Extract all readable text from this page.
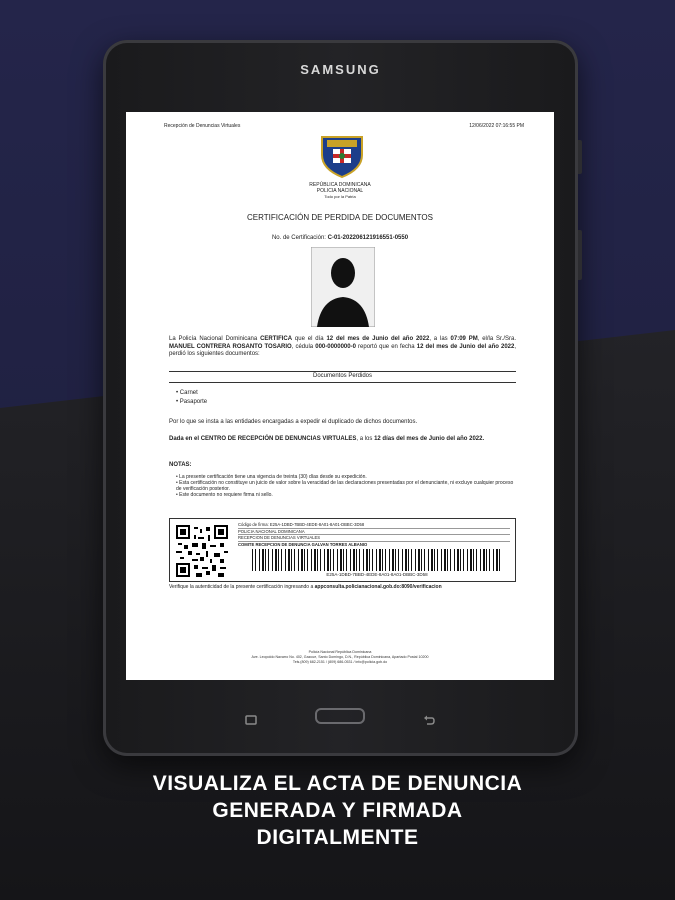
SAMSUNG
Recepción de Denuncias Virtuales	12/06/2022 07:16:55 PM
REPÚBLICA DOMINICANA
POLICIA NACIONAL
Todo por la Patria
CERTIFICACIÓN DE PERDIDA DE DOCUMENTOS
No. de Certificación: C-01-202206121916551-0550
La Policía Nacional Dominicana CERTIFICA que el día 12 del mes de Junio del año 2022, a las 07:09 PM, el/la Sr./Sra. MANUEL CONTRERA ROSANTO TOSARIO, cédula 000-0000000-0 reportó que en fecha 12 del mes de Junio del año 2022, perdió los siguientes documentos:
Documentos Perdidos
• Carnet
• Pasaporte
Por lo que se insta a las entidades encargadas a expedir el duplicado de dichos documentos.
Dada en el CENTRO DE RECEPCIÓN DE DENUNCIAS VIRTUALES, a los 12 días del mes de Junio del año 2022.
NOTAS:
• La presente certificación tiene una vigencia de treinta (30) días desde su expedición.
• Esta certificación no constituye un juicio de valor sobre la veracidad de las declaraciones presentadas por el denunciante, ni excluye cualquier proceso de verificación posterior.
• Este documento no requiere firma ni sello.
Código de firma: E25A-1DBD-7BBD-4EDE-8A01-8A01-DBBC-3D58
POLICIA NACIONAL DOMINICANA
RECEPCION DE DENUNCIAS VIRTUALES
COMITE RECEPCION DE DENUNCIA GALVAN TORRES ALBANIO
E25A-1DBD-7BBD-4EDE-8A01-8A01-DBBC-3D58
Verifique la autenticidad de la presente certificación ingresando a appconsulta.policianacional.gob.do:8090/verificacion
Policía Nacional República Dominicana
Ave. Leopoldo Navarro No. 402, Gazcue, Santo Domingo, D.N., República Dominicana, Apartado Postal 10200
Tels.(809) 682-2151 / (809) 686-0531 / info@policia.gob.do
VISUALIZA EL ACTA DE DENUNCIA
GENERADA Y FIRMADA
DIGITALMENTE
